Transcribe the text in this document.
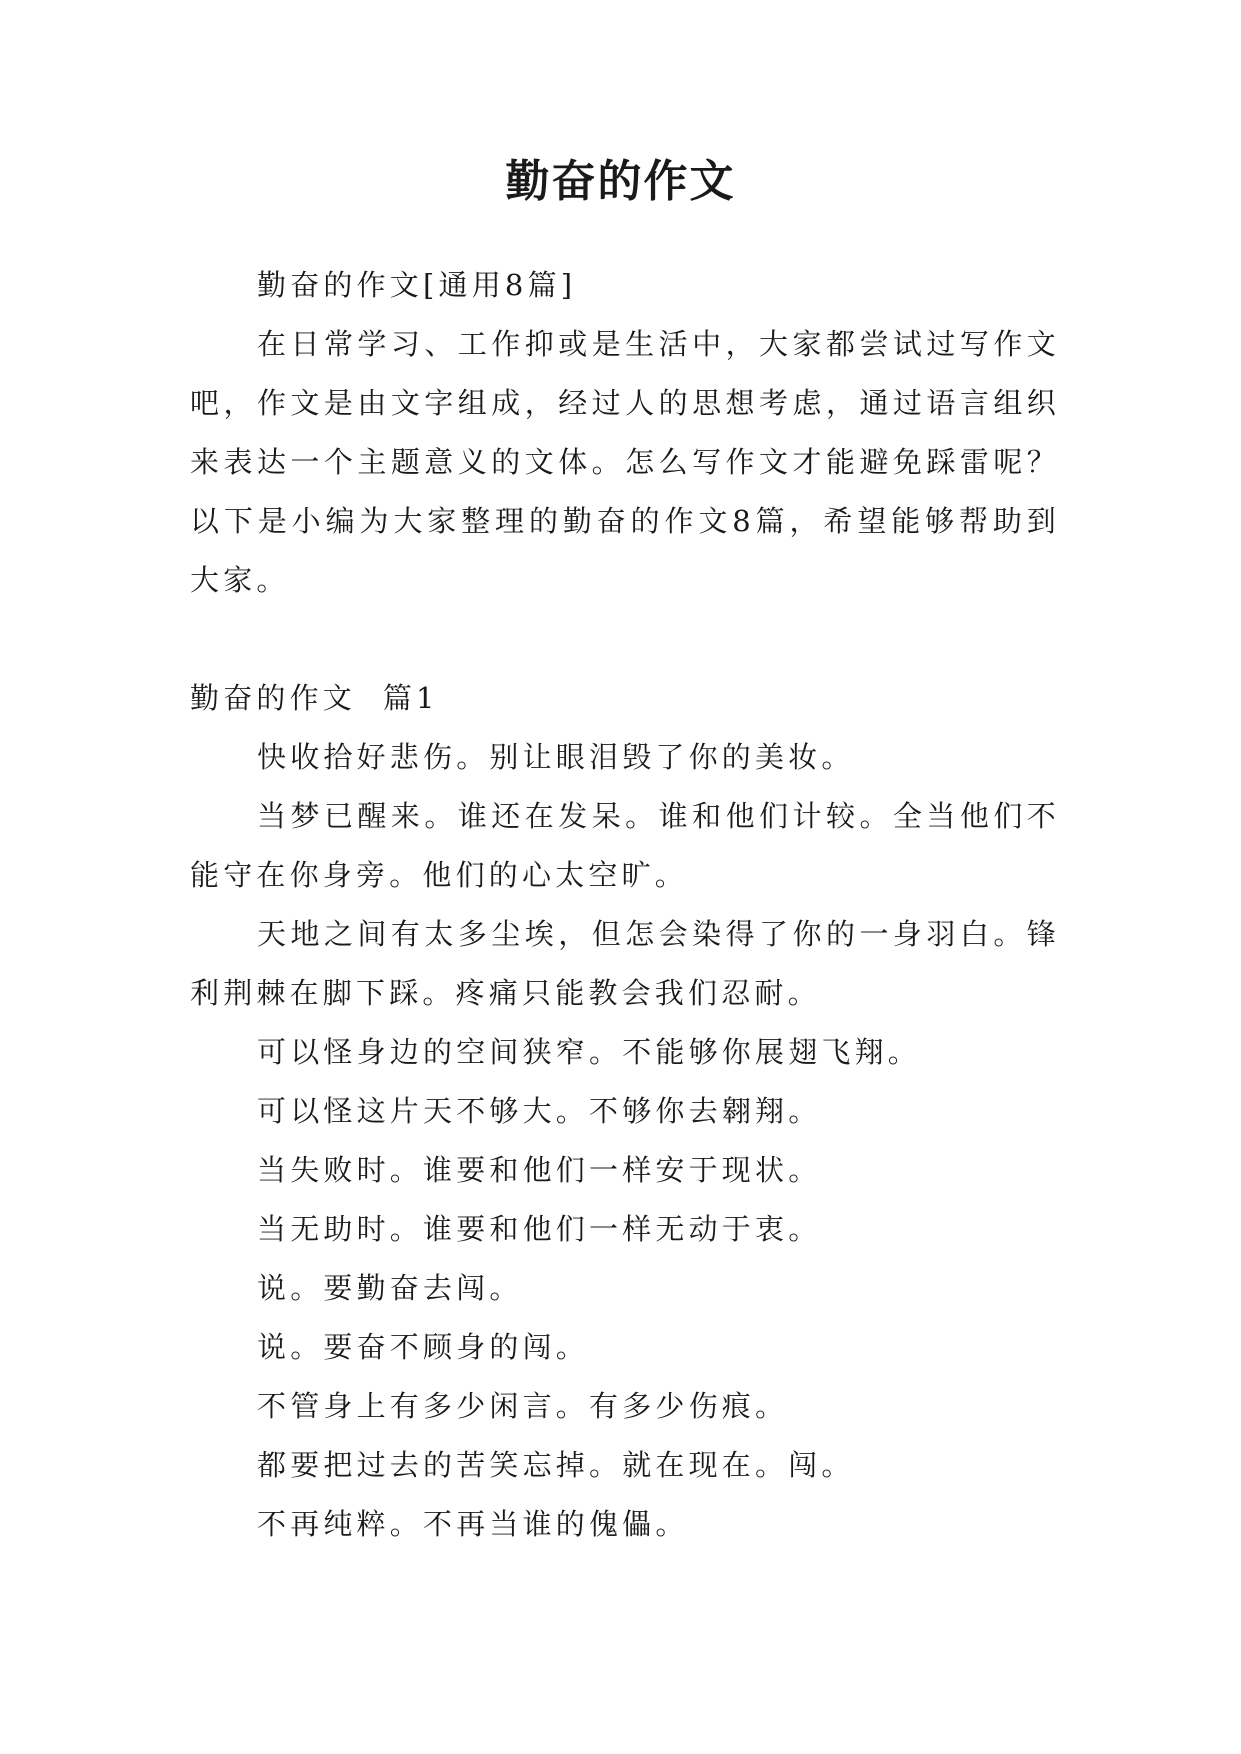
勤奋的作文

勤奋的作文[通用8篇]

在日常学习、工作抑或是生活中，大家都尝试过写作文吧，作文是由文字组成，经过人的思想考虑，通过语言组织来表达一个主题意义的文体。怎么写作文才能避免踩雷呢？以下是小编为大家整理的勤奋的作文8篇，希望能够帮助到大家。

勤奋的作文  篇1

快收拾好悲伤。别让眼泪毁了你的美妆。

当梦已醒来。谁还在发呆。谁和他们计较。全当他们不能守在你身旁。他们的心太空旷。

天地之间有太多尘埃，但怎会染得了你的一身羽白。锋利荆棘在脚下踩。疼痛只能教会我们忍耐。

可以怪身边的空间狭窄。不能够你展翅飞翔。

可以怪这片天不够大。不够你去翱翔。

当失败时。谁要和他们一样安于现状。

当无助时。谁要和他们一样无动于衷。

说。要勤奋去闯。

说。要奋不顾身的闯。

不管身上有多少闲言。有多少伤痕。

都要把过去的苦笑忘掉。就在现在。闯。

不再纯粹。不再当谁的傀儡。
